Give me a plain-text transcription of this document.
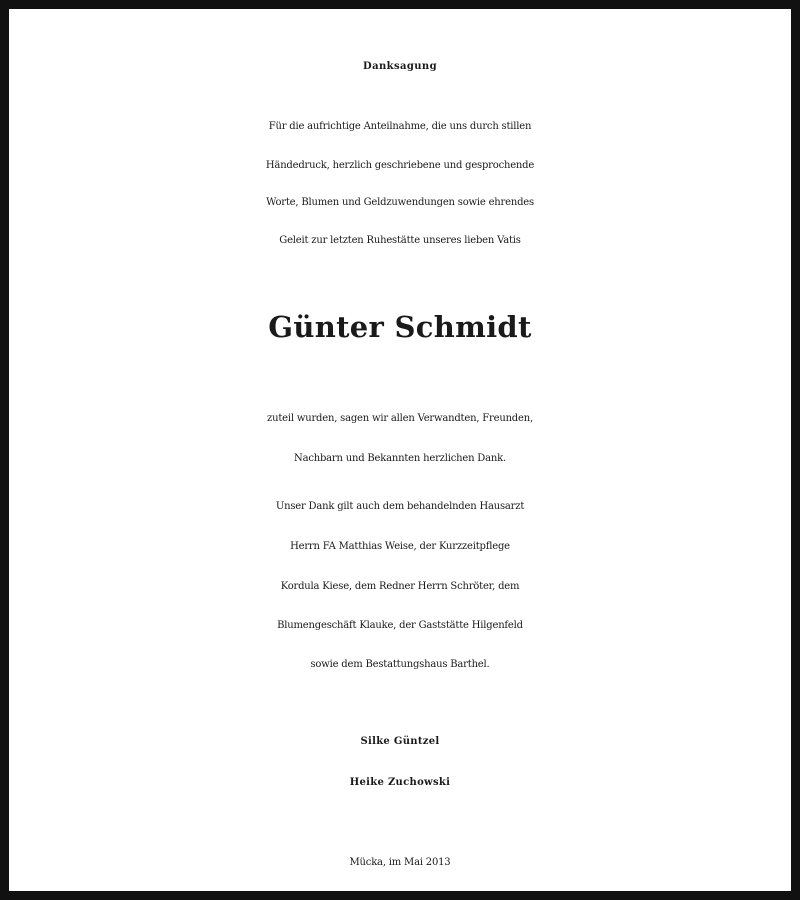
Danksagung
Für die aufrichtige Anteilnahme, die uns durch stillen
Händedruck, herzlich geschriebene und gesprochende
Worte, Blumen und Geldzuwendungen sowie ehrendes
Geleit zur letzten Ruhestätte unseres lieben Vatis
Günter Schmidt
zuteil wurden, sagen wir allen Verwandten, Freunden,
Nachbarn und Bekannten herzlichen Dank.
Unser Dank gilt auch dem behandelnden Hausarzt
Herrn FA Matthias Weise, der Kurzzeitpflege
Kordula Kiese, dem Redner Herrn Schröter, dem
Blumengeschäft Klauke, der Gaststätte Hilgenfeld
sowie dem Bestattungshaus Barthel.
Silke Güntzel
Heike Zuchowski
Mücka, im Mai 2013
